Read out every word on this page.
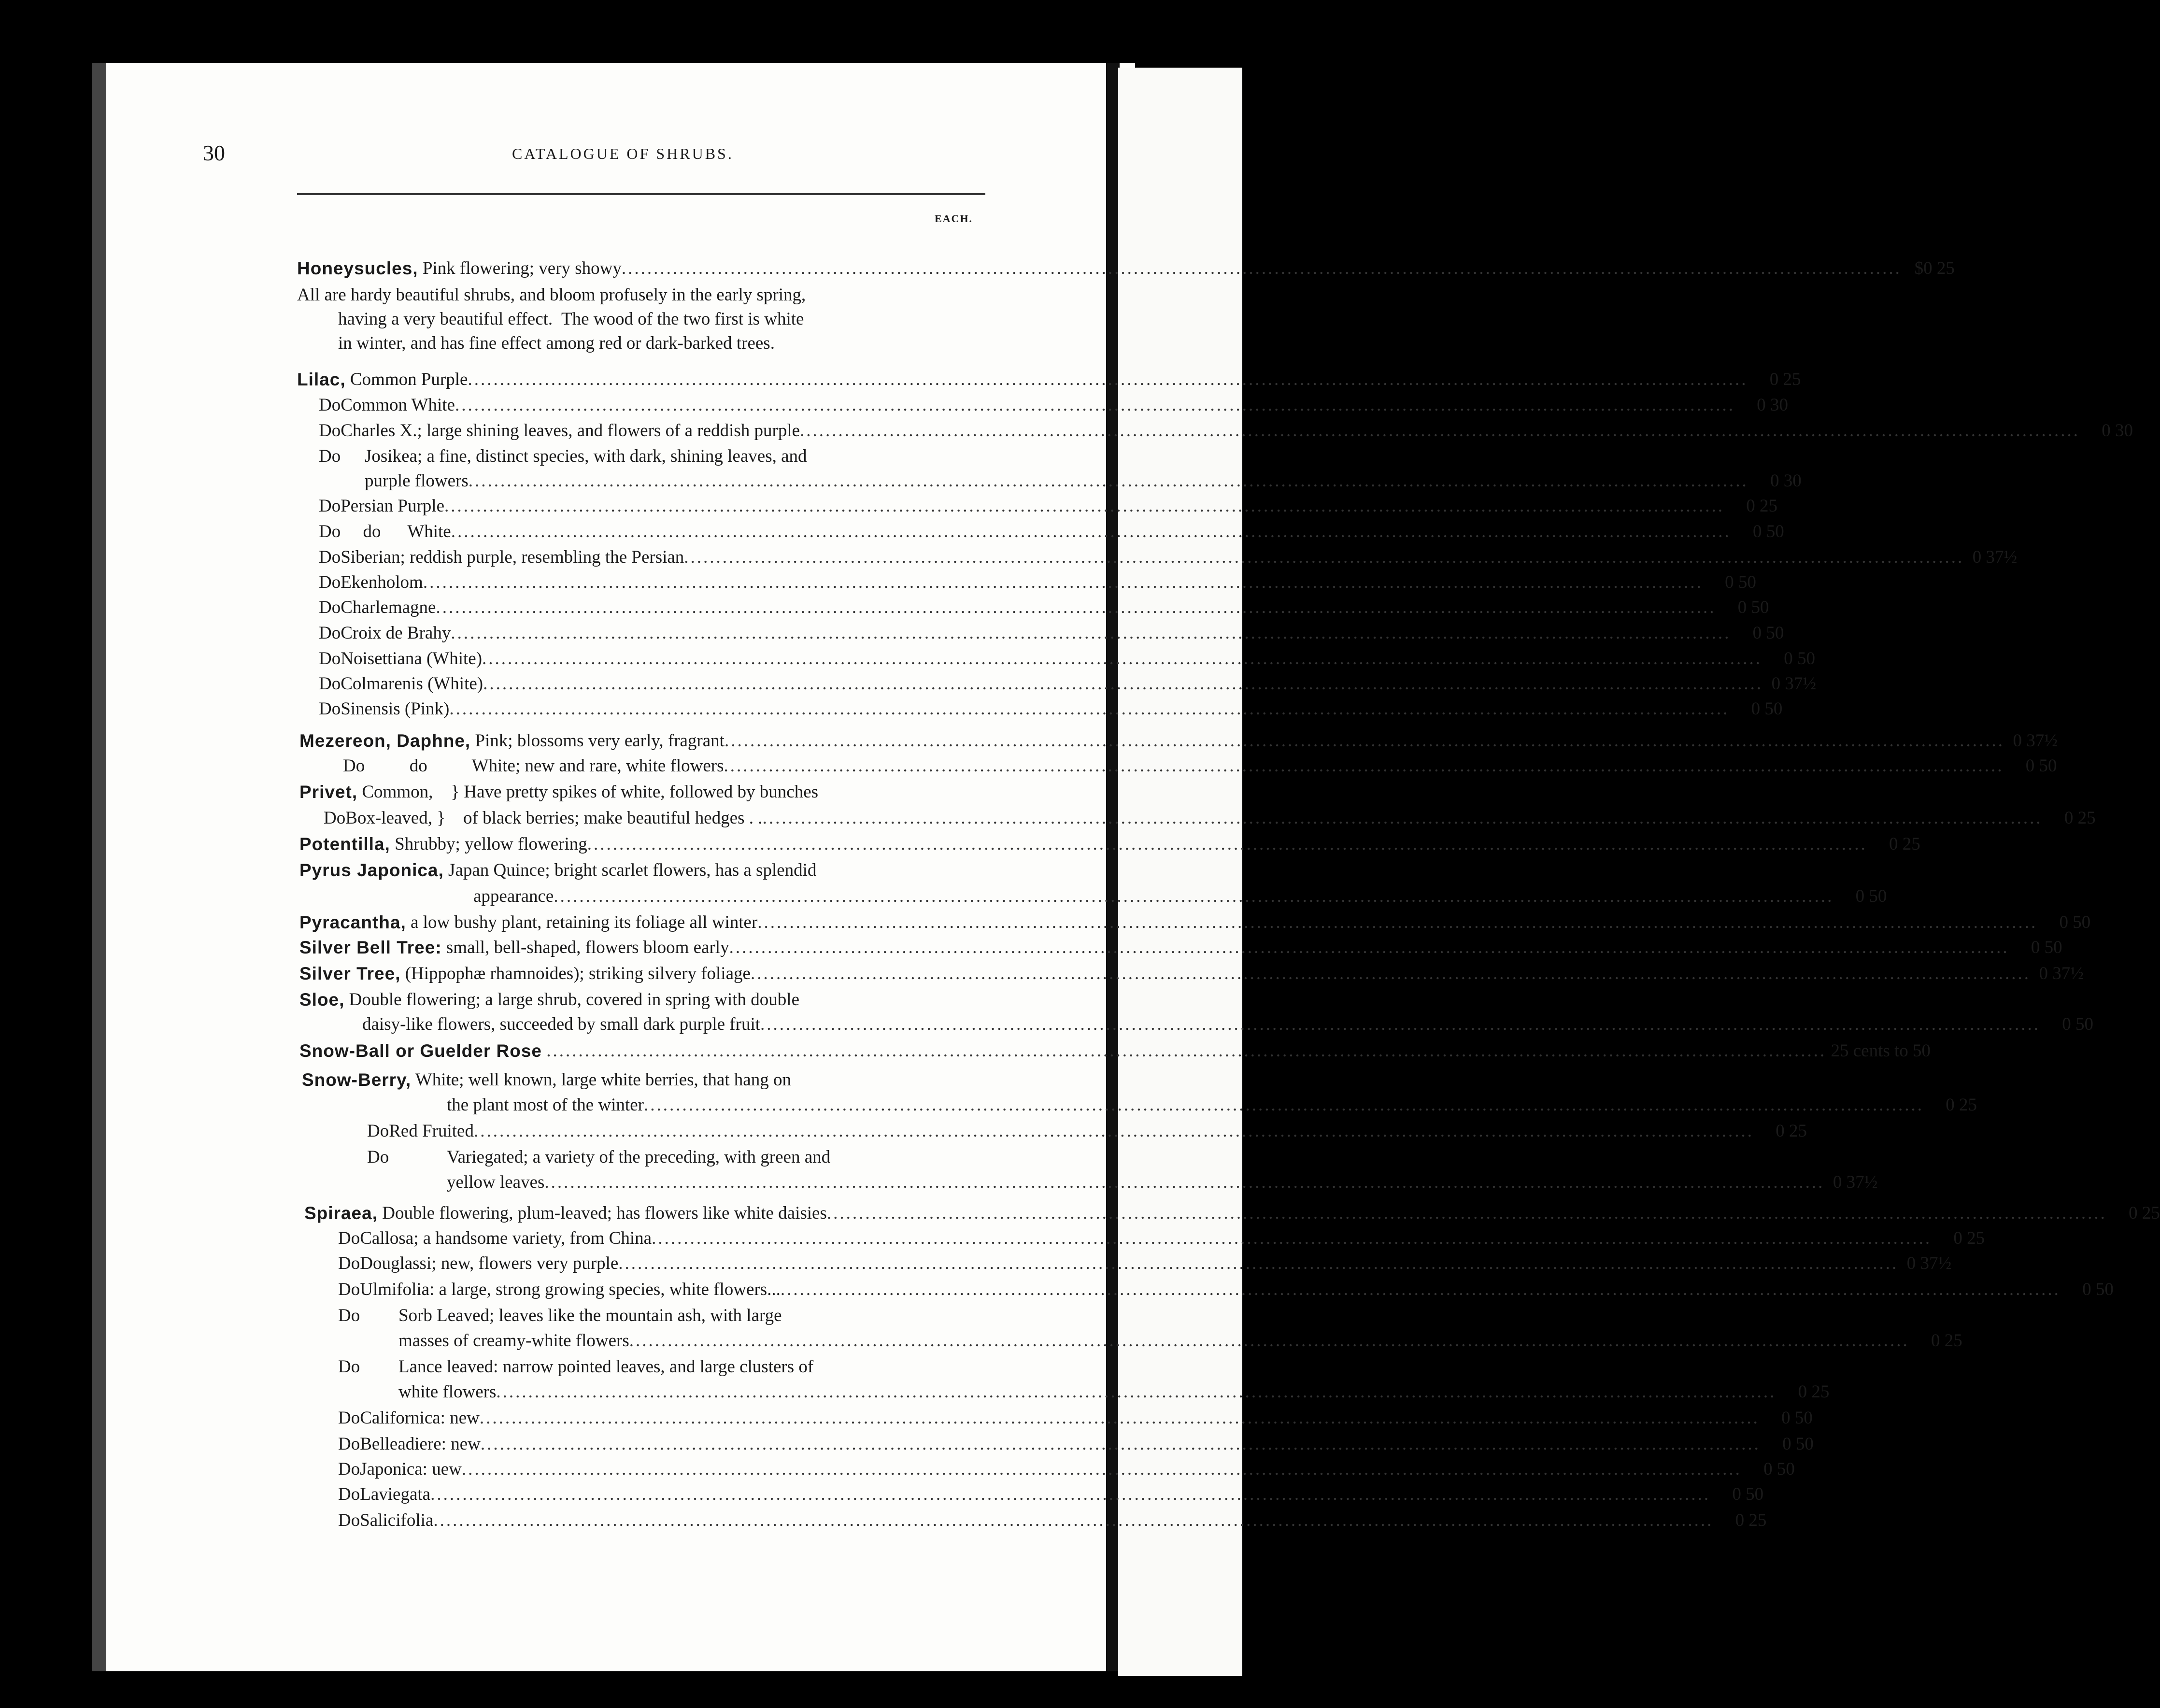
30	CATALOGUE OF SHRUBS.
EACH.
Honeysucles, Pink flowering; very showy ........................................................................................................................................................................................................ $0 25
All are hardy beautiful shrubs, and bloom profusely in the early spring,
having a very beautiful effect.  The wood of the two first is white
in winter, and has fine effect among red or dark-barked trees.
Lilac, Common Purple ........................................................................................................................................................................................................ 0 25
Do Common White ........................................................................................................................................................................................................ 0 30
Do Charles X.; large shining leaves, and flowers of a reddish purple ........................................................................................................................................................................................................ 0 30
Do	Josikea; a fine, distinct species, with dark, shining leaves, and
purple flowers ........................................................................................................................................................................................................ 0 30
Do Persian Purple ........................................................................................................................................................................................................ 0 25
Do do      White ........................................................................................................................................................................................................ 0 50
Do Siberian; reddish purple, resembling the Persian ........................................................................................................................................................................................................ 0 37½
Do Ekenholom ........................................................................................................................................................................................................ 0 50
Do Charlemagne ........................................................................................................................................................................................................ 0 50
Do Croix de Brahy ........................................................................................................................................................................................................ 0 50
Do Noisettiana (White) ........................................................................................................................................................................................................ 0 50
Do Colmarenis (White) ........................................................................................................................................................................................................ 0 37½
Do Sinensis (Pink) ........................................................................................................................................................................................................ 0 50
Mezereon, Daphne, Pink; blossoms very early, fragrant ........................................................................................................................................................................................................ 0 37½
Do do          White; new and rare, white flowers ........................................................................................................................................................................................................ 0 50
Privet, Common,    } Have pretty spikes of white, followed by bunches
Do Box-leaved, }    of black berries; make beautiful hedges . . ........................................................................................................................................................................................................ 0 25
Potentilla, Shrubby; yellow flowering ........................................................................................................................................................................................................ 0 25
Pyrus Japonica, Japan Quince; bright scarlet flowers, has a splendid
appearance ........................................................................................................................................................................................................ 0 50
Pyracantha, a low bushy plant, retaining its foliage all winter ........................................................................................................................................................................................................ 0 50
Silver Bell Tree: small, bell-shaped, flowers bloom early ........................................................................................................................................................................................................ 0 50
Silver Tree, (Hippophæ rhamnoides); striking silvery foliage ........................................................................................................................................................................................................ 0 37½
Sloe, Double flowering; a large shrub, covered in spring with double
daisy-like flowers, succeeded by small dark purple fruit ........................................................................................................................................................................................................ 0 50
Snow-Ball or Guelder Rose
........................................................................................................................................................................................................ 25 cents to 50
Snow-Berry, White; well known, large white berries, that hang on
the plant most of the winter ........................................................................................................................................................................................................ 0 25
Do Red Fruited ........................................................................................................................................................................................................ 0 25
Do	Variegated; a variety of the preceding, with green and
yellow leaves ........................................................................................................................................................................................................ 0 37½
Spiraea, Double flowering, plum-leaved; has flowers like white daisies ........................................................................................................................................................................................................ 0 25
Do Callosa; a handsome variety, from China ........................................................................................................................................................................................................ 0 25
Do Douglassi; new, flowers very purple ........................................................................................................................................................................................................ 0 37½
Do Ulmifolia: a large, strong growing species, white flowers... ........................................................................................................................................................................................................ 0 50
Do	Sorb Leaved; leaves like the mountain ash, with large
masses of creamy-white flowers ........................................................................................................................................................................................................ 0 25
Do	Lance leaved: narrow pointed leaves, and large clusters of
white flowers ........................................................................................................................................................................................................ 0 25
Do Californica: new ........................................................................................................................................................................................................ 0 50
Do Belleadiere: new ........................................................................................................................................................................................................ 0 50
Do Japonica: uew ........................................................................................................................................................................................................ 0 50
Do Laviegata ........................................................................................................................................................................................................ 0 50
Do Salicifolia ........................................................................................................................................................................................................ 0 25
